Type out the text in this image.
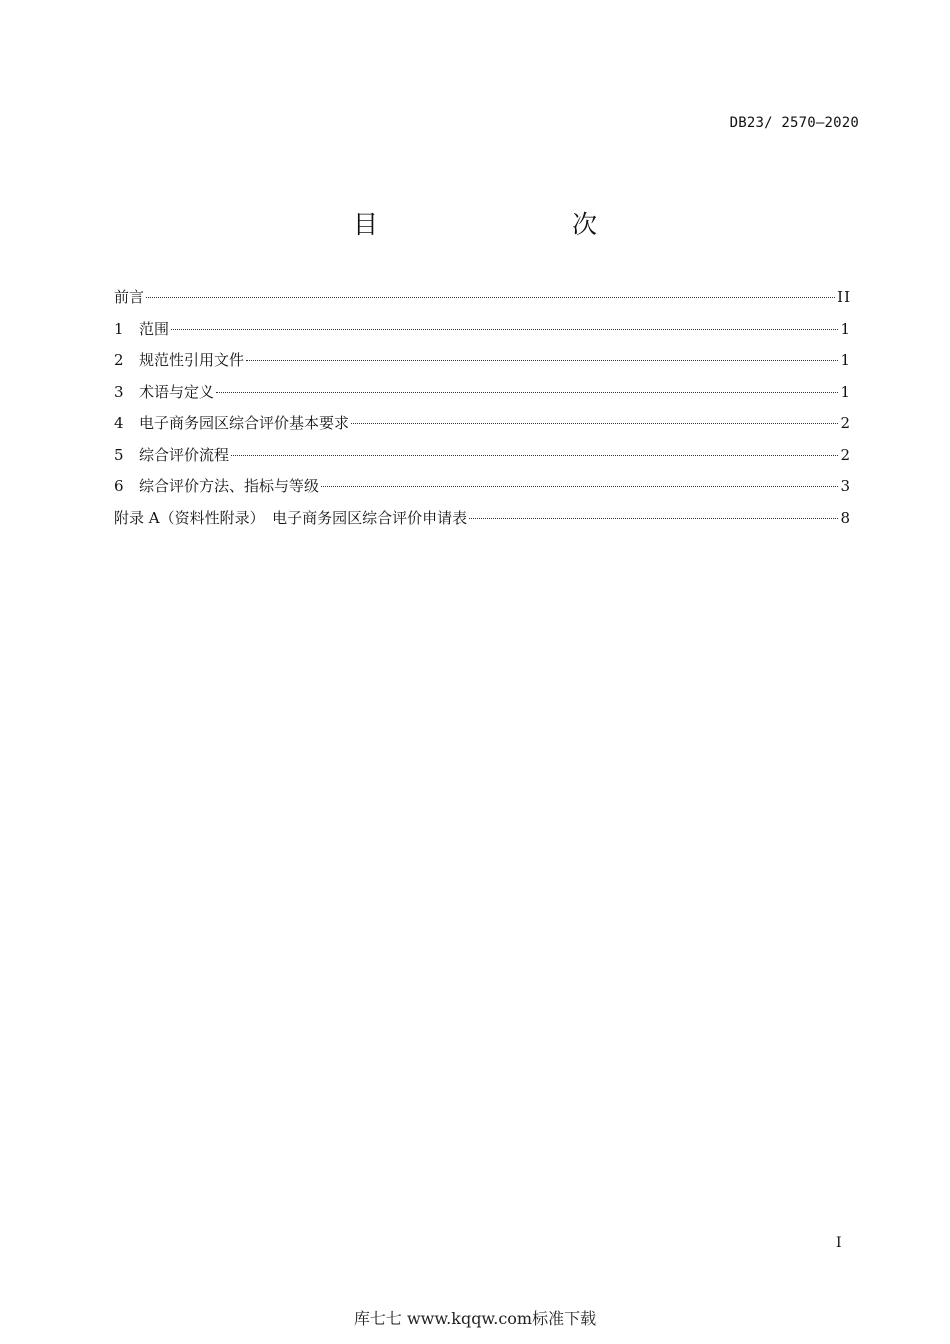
DB23/ 2570—2020
目　　次
前言	II
1	范围	1
2	规范性引用文件	1
3	术语与定义	1
4	电子商务园区综合评价基本要求	2
5	综合评价流程	2
6	综合评价方法、指标与等级	3
附录 A（资料性附录）　电子商务园区综合评价申请表	8
I
库七七 www.kqqw.com标准下载
